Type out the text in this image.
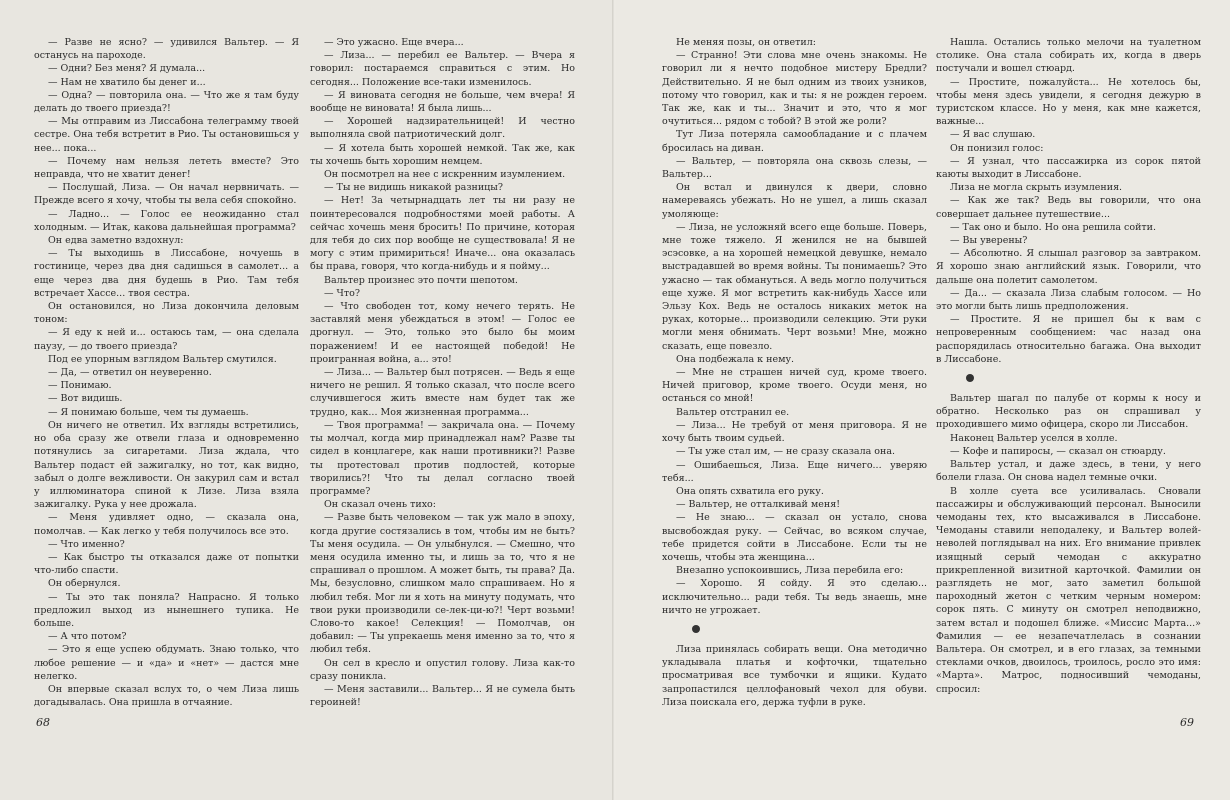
— Разве не ясно? — удивился Вальтер. — Я останусь на пароходе.

— Одни? Без меня? Я думала...

— Нам не хватило бы денег и...

— Одна? — повторила она. — Что же я там буду делать до твоего приезда?!

— Мы отправим из Лиссабона телеграмму твоей сестре. Она тебя встретит в Рио. Ты остановишься у нее... пока...

— Почему нам нельзя лететь вместе? Это неправда, что не хватит денег!

— Послушай, Лиза. — Он начал нервничать. — Прежде всего я хочу, чтобы ты вела себя спокойно.

— Ладно... — Голос ее неожиданно стал холодным. — Итак, какова дальнейшая программа?

Он едва заметно вздохнул:

— Ты выходишь в Лиссабоне, ночуешь в гостинице, через два дня садишься в самолет... а еще через два дня будешь в Рио. Там тебя встречает Хассе... твоя сестра.

Он остановился, но Лиза докончила деловым тоном:

— Я еду к ней и... остаюсь там, — она сделала паузу, — до твоего приезда?

Под ее упорным взглядом Вальтер смутился.

— Да, — ответил он неуверенно.

— Понимаю.

— Вот видишь.

— Я понимаю больше, чем ты думаешь.

Он ничего не ответил. Их взгляды встретились, но оба сразу же отвели глаза и одновременно потянулись за сигаретами. Лиза ждала, что Вальтер подаст ей зажигалку, но тот, как видно, забыл о долге вежливости. Он закурил сам и встал у иллюминатора спиной к Лизе. Лиза взяла зажигалку. Рука у нее дрожала.

— Меня удивляет одно, — сказала она, помолчав. — Как легко у тебя получилось все это.

— Что именно?

— Как быстро ты отказался даже от попытки что-либо спасти.

Он обернулся.

— Ты это так поняла? Напрасно. Я только предложил выход из нынешнего тупика. Не больше.

— А что потом?

— Это я еще успею обдумать. Знаю только, что любое решение — и «да» и «нет» — дастся мне нелегко.

Он впервые сказал вслух то, о чем Лиза лишь догадывалась. Она пришла в отчаяние.

— Это ужасно. Еще вчера...

— Лиза... — перебил ее Вальтер. — Вчера я говорил: постараемся справиться с этим. Но сегодня... Положение все-таки изменилось.

— Я виновата сегодня не больше, чем вчера! Я вообще не виновата! Я была лишь...

— Хорошей надзирательницей! И честно выполняла свой патриотический долг.

— Я хотела быть хорошей немкой. Так же, как ты хочешь быть хорошим немцем.

Он посмотрел на нее с искренним изумлением.

— Ты не видишь никакой разницы?

— Нет! За четырнадцать лет ты ни разу не поинтересовался подробностями моей работы. А сейчас хочешь меня бросить! По причине, которая для тебя до сих пор вообще не существовала! Я не могу с этим примириться! Иначе... она оказалась бы права, говоря, что когда-нибудь и я пойму...

Вальтер произнес это почти шепотом.

— Что?

— Что свободен тот, кому нечего терять. Не заставляй меня убеждаться в этом! — Голос ее дрогнул. — Это, только это было бы моим поражением! И ее настоящей победой! Не проигранная война, а... это!

— Лиза... — Вальтер был потрясен. — Ведь я еще ничего не решил. Я только сказал, что после всего случившегося жить вместе нам будет так же трудно, как... Моя жизненная программа...

— Твоя программа! — закричала она. — Почему ты молчал, когда мир принадлежал нам? Разве ты сидел в концлагере, как наши противники?! Разве ты протестовал против подлостей, которые творились?! Что ты делал согласно твоей программе?

Он сказал очень тихо:

— Разве быть человеком — так уж мало в эпоху, когда другие состязались в том, чтобы им не быть? Ты меня осудила. — Он улыбнулся. — Смешно, что меня осудила именно ты, и лишь за то, что я не спрашивал о прошлом. А может быть, ты права? Да. Мы, безусловно, слишком мало спрашиваем. Но я любил тебя. Мог ли я хоть на минуту подумать, что твои руки производили се-лек-ци-ю?! Черт возьми! Слово-то какое! Селекция! — Помолчав, он добавил: — Ты упрекаешь меня именно за то, что я любил тебя.

Он сел в кресло и опустил голову. Лиза как-то сразу поникла.

— Меня заставили... Вальтер... Я не сумела быть героиней!

Не меняя позы, он ответил:

— Странно! Эти слова мне очень знакомы. Не говорил ли я нечто подобное мистеру Бредли? Действительно. Я не был одним из твоих узников, потому что говорил, как и ты: я не рожден героем. Так же, как и ты... Значит и это, что я мог очутиться... рядом с тобой? В этой же роли?

Тут Лиза потеряла самообладание и с плачем бросилась на диван.

— Вальтер, — повторяла она сквозь слезы, — Вальтер...

Он встал и двинулся к двери, словно намереваясь убежать. Но не ушел, а лишь сказал умоляюще:

— Лиза, не усложняй всего еще больше. Поверь, мне тоже тяжело. Я женился не на бывшей эсэсовке, а на хорошей немецкой девушке, немало выстрадавшей во время войны. Ты понимаешь? Это ужасно — так обмануться. А ведь могло получиться еще хуже. Я мог встретить как-нибудь Хассе или Эльзу Кох. Ведь не осталось никаких меток на руках, которые... производили селекцию. Эти руки могли меня обнимать. Черт возьми! Мне, можно сказать, еще повезло.

Она подбежала к нему.

— Мне не страшен ничей суд, кроме твоего. Ничей приговор, кроме твоего. Осуди меня, но останься со мной!

Вальтер отстранил ее.

— Лиза... Не требуй от меня приговора. Я не хочу быть твоим судьей.

— Ты уже стал им, — не сразу сказала она.

— Ошибаешься, Лиза. Еще ничего... уверяю тебя...

Она опять схватила его руку.

— Вальтер, не отталкивай меня!

— Не знаю... — сказал он устало, снова высвобождая руку. — Сейчас, во всяком случае, тебе придется сойти в Лиссабоне. Если ты не хочешь, чтобы эта женщина...

Внезапно успокоившись, Лиза перебила его:

— Хорошо. Я сойду. Я это сделаю... исключительно... ради тебя. Ты ведь знаешь, мне ничто не угрожает.

Лиза принялась собирать вещи. Она методично укладывала платья и кофточки, тщательно просматривая все тумбочки и ящики. Кудато запропастился целлофановый чехол для обуви. Лиза поискала его, держа туфли в руке.

Нашла. Остались только мелочи на туалетном столике. Она стала собирать их, когда в дверь постучали и вошел стюард.

— Простите, пожалуйста... Не хотелось бы, чтобы меня здесь увидели, я сегодня дежурю в туристском классе. Но у меня, как мне кажется, важные...

— Я вас слушаю.

Он понизил голос:

— Я узнал, что пассажирка из сорок пятой каюты выходит в Лиссабоне.

Лиза не могла скрыть изумления.

— Как же так? Ведь вы говорили, что она совершает дальнее путешествие...

— Так оно и было. Но она решила сойти.

— Вы уверены?

— Абсолютно. Я слышал разговор за завтраком. Я хорошо знаю английский язык. Говорили, что дальше она полетит самолетом.

— Да... — сказала Лиза слабым голосом. — Но это могли быть лишь предположения.

— Простите. Я не пришел бы к вам с непроверенным сообщением: час назад она распорядилась относительно багажа. Она выходит в Лиссабоне.

Вальтер шагал по палубе от кормы к носу и обратно. Несколько раз он спрашивал у проходившего мимо офицера, скоро ли Лиссабон.

Наконец Вальтер уселся в холле.

— Кофе и папиросы, — сказал он стюарду.

Вальтер устал, и даже здесь, в тени, у него болели глаза. Он снова надел темные очки.

В холле суета все усиливалась. Сновали пассажиры и обслуживающий персонал. Выносили чемоданы тех, кто высаживался в Лиссабоне. Чемоданы ставили неподалеку, и Вальтер волей-неволей поглядывал на них. Его внимание привлек изящный серый чемодан с аккуратно прикрепленной визитной карточкой. Фамилии он разглядеть не мог, зато заметил большой пароходный жетон с четким черным номером: сорок пять. С минуту он смотрел неподвижно, затем встал и подошел ближе. «Миссис Марта...» Фамилия — ее незапечатлелась в сознании Вальтера. Он смотрел, и в его глазах, за темными стеклами очков, двоилось, троилось, росло это имя: «Марта». Матрос, подносивший чемоданы, спросил:

68	69
